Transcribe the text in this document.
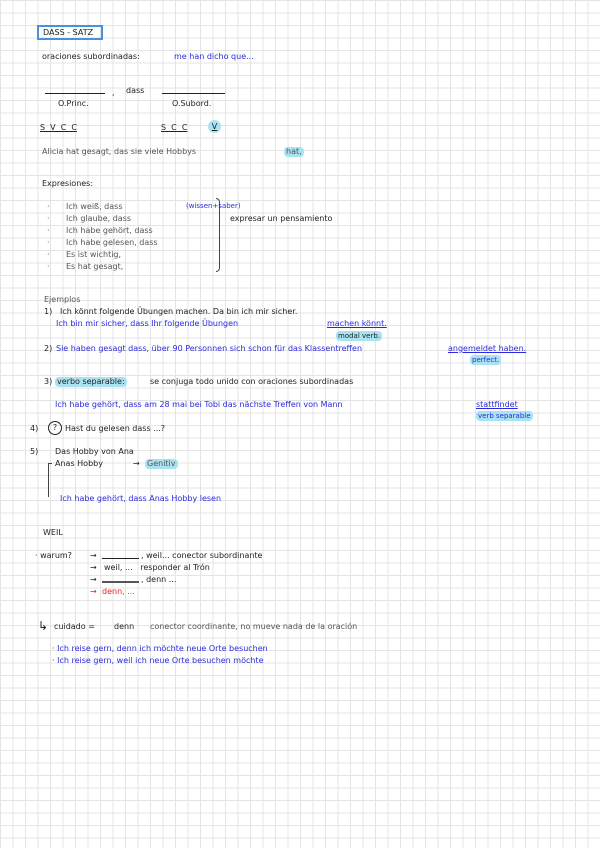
DASS - SATZ
oraciones subordinadas:	me han dicho que...
, dass
O.Princ.	O.Subord.
S  V  C  C	S  C  C	V
Alicia hat gesagt, das sie viele Hobbys	hat,
Expresiones:
· Ich weiß, dass	(wissen+saber)
· Ich glaube, dass
· Ich habe gehört, dass
· Ich habe gelesen, dass
· Es ist wichtig,
· Es hat gesagt,
expresar un pensamiento
Ejemplos
1) Ich könnt folgende Übungen machen. Da bin ich mir sicher.
Ich bin mir sicher, dass Ihr folgende Übungen	machen könnt.
modal verb.
2) Sie haben gesagt dass, über 90 Personnen sich schon für das Klassentreffen	angemeldet haben.
perfect.
3) verbo separable:	se conjuga todo unido con oraciones subordinadas
Ich habe gehört, dass am 28 mai bei Tobi das nächste Treffen von Mann	stattfindet
verb separable
4)	? Hast du gelesen dass ...?
5) Das Hobby von Ana
Anas Hobby	→ Genitiv
Ich habe gehört, dass Anas Hobby lesen
WEIL
· warum? →	, weil... conector subordinante
→ weil, ...   responder al Trón
→	, denn ...
→ denn, ...
↳ cuidado = denn conector coordinante, no mueve nada de la oración
· Ich reise gern, denn ich möchte neue Orte besuchen
· Ich reise gern, weil ich neue Orte besuchen möchte
